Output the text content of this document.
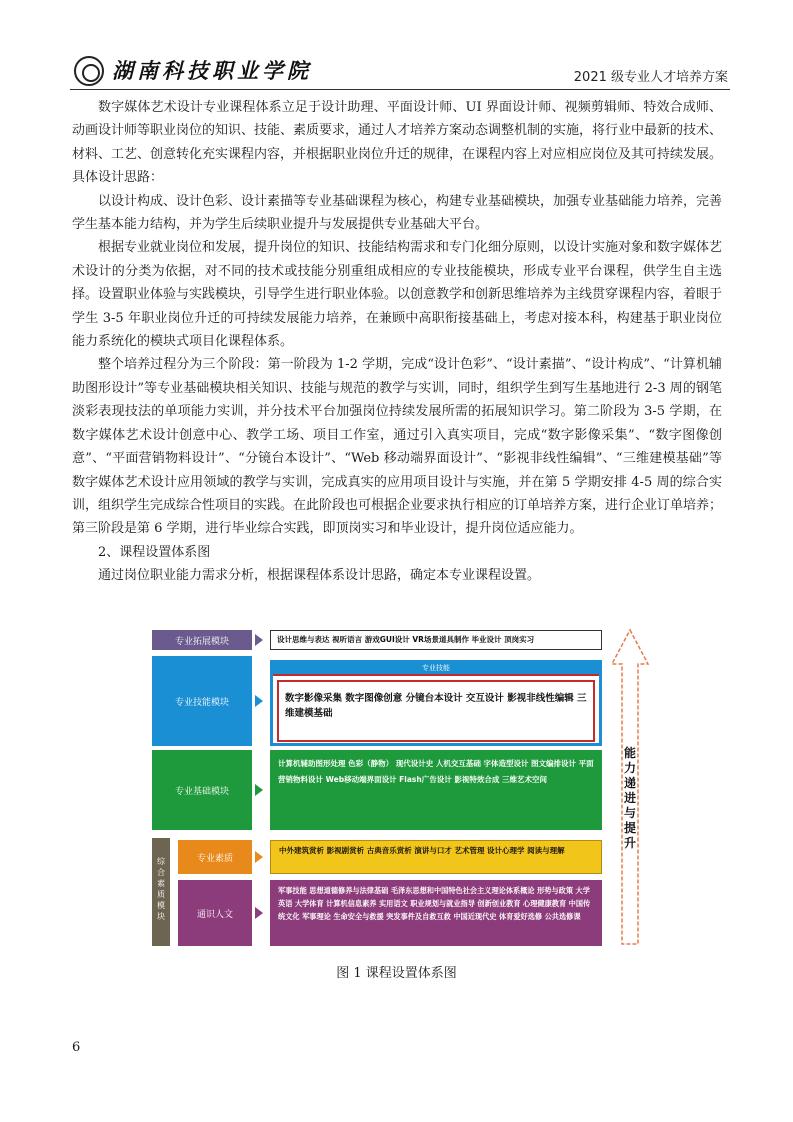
湖南科技职业学院	2021 级专业人才培养方案

数字媒体艺术设计专业课程体系立足于设计助理、平面设计师、UI 界面设计师、视频剪辑师、特效合成师、动画设计师等职业岗位的知识、技能、素质要求，通过人才培养方案动态调整机制的实施，将行业中最新的技术、材料、工艺、创意转化充实课程内容，并根据职业岗位升迁的规律，在课程内容上对应相应岗位及其可持续发展。具体设计思路：

以设计构成、设计色彩、设计素描等专业基础课程为核心，构建专业基础模块，加强专业基础能力培养，完善学生基本能力结构，并为学生后续职业提升与发展提供专业基础大平台。

根据专业就业岗位和发展，提升岗位的知识、技能结构需求和专门化细分原则，以设计实施对象和数字媒体艺术设计的分类为依据，对不同的技术或技能分别重组成相应的专业技能模块，形成专业平台课程，供学生自主选择。设置职业体验与实践模块，引导学生进行职业体验。以创意教学和创新思维培养为主线贯穿课程内容，着眼于学生 3-5 年职业岗位升迁的可持续发展能力培养，在兼顾中高职衔接基础上，考虑对接本科，构建基于职业岗位能力系统化的模块式项目化课程体系。

整个培养过程分为三个阶段：第一阶段为 1-2 学期，完成“设计色彩”、“设计素描”、“设计构成”、“计算机辅助图形设计”等专业基础模块相关知识、技能与规范的教学与实训，同时，组织学生到写生基地进行 2-3 周的钢笔淡彩表现技法的单项能力实训，并分技术平台加强岗位持续发展所需的拓展知识学习。第二阶段为 3-5 学期，在数字媒体艺术设计创意中心、教学工场、项目工作室，通过引入真实项目，完成“数字影像采集”、“数字图像创意”、“平面营销物料设计”、“分镜台本设计”、“Web 移动端界面设计”、“影视非线性编辑”、“三维建模基础”等数字媒体艺术设计应用领域的教学与实训，完成真实的应用项目设计与实施，并在第 5 学期安排 4-5 周的综合实训，组织学生完成综合性项目的实践。在此阶段也可根据企业要求执行相应的订单培养方案，进行企业订单培养；第三阶段是第 6 学期，进行毕业综合实践，即顶岗实习和毕业设计，提升岗位适应能力。

2、课程设置体系图

通过岗位职业能力需求分析，根据课程体系设计思路，确定本专业课程设置。

专业拓展模块	设计思维与表达 视听语言 游戏GUI设计 VR场景道具制作 毕业设计 顶岗实习
专业技能模块
专业技能
数字影像采集 数字图像创意 分镜台本设计 交互设计 影视非线性编辑 三维建模基础
专业基础模块
计算机辅助图形处理 色彩（静物） 现代设计史 人机交互基础 字体造型设计 图文编排设计 平面营销物料设计 Web移动端界面设计 Flash广告设计 影视特效合成 三维艺术空间
综合素质模块
专业素质
中外建筑赏析 影视剧赏析 古典音乐赏析 演讲与口才 艺术管理 设计心理学 阅读与理解
通识人文
军事技能 思想道德修养与法律基础 毛泽东思想和中国特色社会主义理论体系概论 形势与政策 大学英语 大学体育 计算机信息素养 实用语文 职业规划与就业指导 创新创业教育 心理健康教育 中国传统文化 军事理论 生命安全与救援 突发事件及自救互救 中国近现代史 体育爱好选修 公共选修课
能力递进与提升
图 1 课程设置体系图
6
